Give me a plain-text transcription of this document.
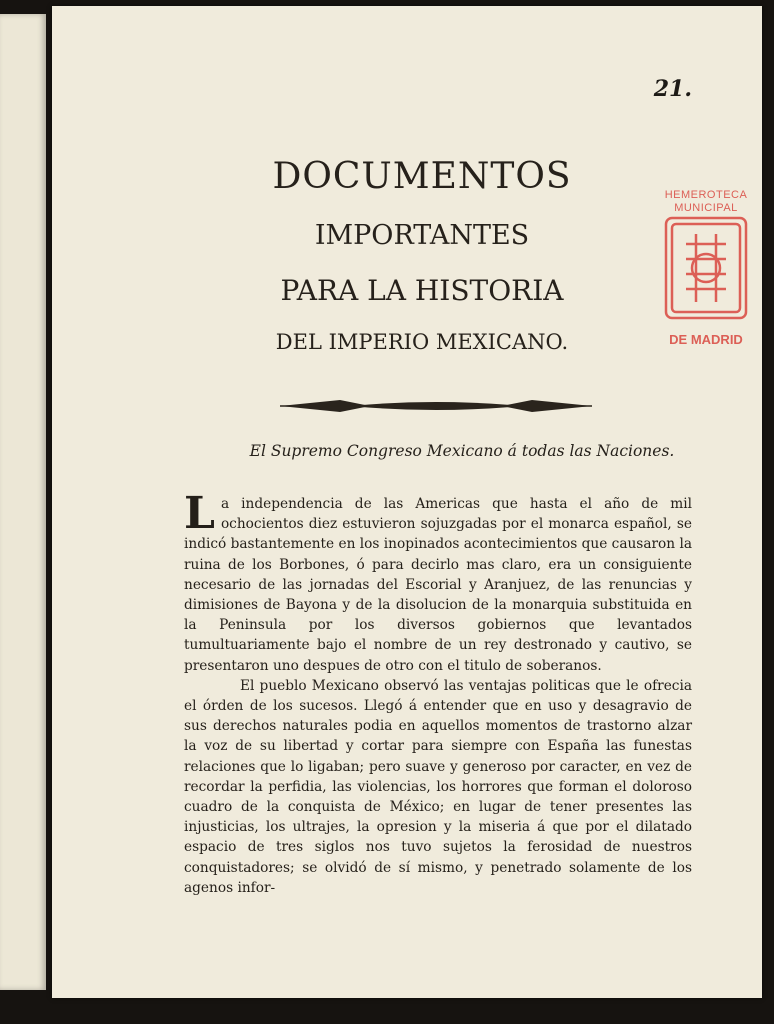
21.
HEMEROTECA
MUNICIPAL
DE MADRID
DOCUMENTOS
IMPORTANTES
PARA LA HISTORIA
DEL IMPERIO MEXICANO.
El Supremo Congreso Mexicano á todas las Naciones.

La independencia de las Americas que hasta el año de mil ochocientos diez estuvieron sojuzgadas por el monarca español, se indicó bastantemente en los inopinados acontecimientos que causaron la ruina de los Borbones, ó para decirlo mas claro, era un consiguiente necesario de las jornadas del Escorial y Aranjuez, de las renuncias y dimisiones de Bayona y de la disolucion de la monarquia substituida en la Peninsula por los diversos gobiernos que levantados tumultuariamente bajo el nombre de un rey destronado y cautivo, se presentaron uno despues de otro con el titulo de soberanos.

El pueblo Mexicano observó las ventajas politicas que le ofrecia el órden de los sucesos. Llegó á entender que en uso y desagravio de sus derechos naturales podia en aquellos momentos de trastorno alzar la voz de su libertad y cortar para siempre con España las funestas relaciones que lo ligaban; pero suave y generoso por caracter, en vez de recordar la perfidia, las violencias, los horrores que forman el doloroso cuadro de la conquista de México; en lugar de tener presentes las injusticias, los ultrajes, la opresion y la miseria á que por el dilatado espacio de tres siglos nos tuvo sujetos la ferosidad de nuestros conquistadores; se olvidó de sí mismo, y penetrado solamente de los agenos infor-
